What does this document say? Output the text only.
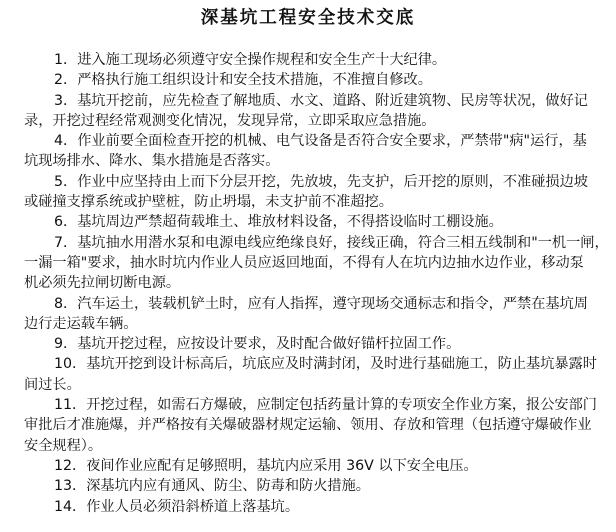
深基坑工程安全技术交底

1．进入施工现场必须遵守安全操作规程和安全生产十大纪律。

2．严格执行施工组织设计和安全技术措施，不准擅自修改。

3．基坑开挖前，应先检查了解地质、水文、道路、附近建筑物、民房等状况，做好记
录，开挖过程经常观测变化情况，发现异常，立即采取应急措施。

4．作业前要全面检查开挖的机械、电气设备是否符合安全要求，严禁带"病"运行，基
坑现场排水、降水、集水措施是否落实。

5．作业中应坚持由上而下分层开挖，先放坡，先支护，后开挖的原则，不准碰损边坡
或碰撞支撑系统或护壁桩，防止坍塌，未支护前不准超挖。

6．基坑周边严禁超荷载堆土、堆放材料设备，不得搭设临时工棚设施。

7．基坑抽水用潜水泵和电源电线应绝缘良好，接线正确，符合三相五线制和"一机一闸，
一漏一箱"要求，抽水时坑内作业人员应返回地面，不得有人在坑内边抽水边作业，移动泵
机必须先拉闸切断电源。

8．汽车运土，装载机铲土时，应有人指挥，遵守现场交通标志和指令，严禁在基坑周
边行走运载车辆。

9．基坑开挖过程，应按设计要求，及时配合做好锚杆拉固工作。

10．基坑开挖到设计标高后，坑底应及时满封闭，及时进行基础施工，防止基坑暴露时
间过长。

11．开挖过程，如需石方爆破，应制定包括药量计算的专项安全作业方案，报公安部门
审批后才准施爆，并严格按有关爆破器材规定运输、领用、存放和管理（包括遵守爆破作业
安全规程）。

12．夜间作业应配有足够照明，基坑内应采用 36V 以下安全电压。

13．深基坑内应有通风、防尘、防毒和防火措施。

14．作业人员必须沿斜桥道上落基坑。
